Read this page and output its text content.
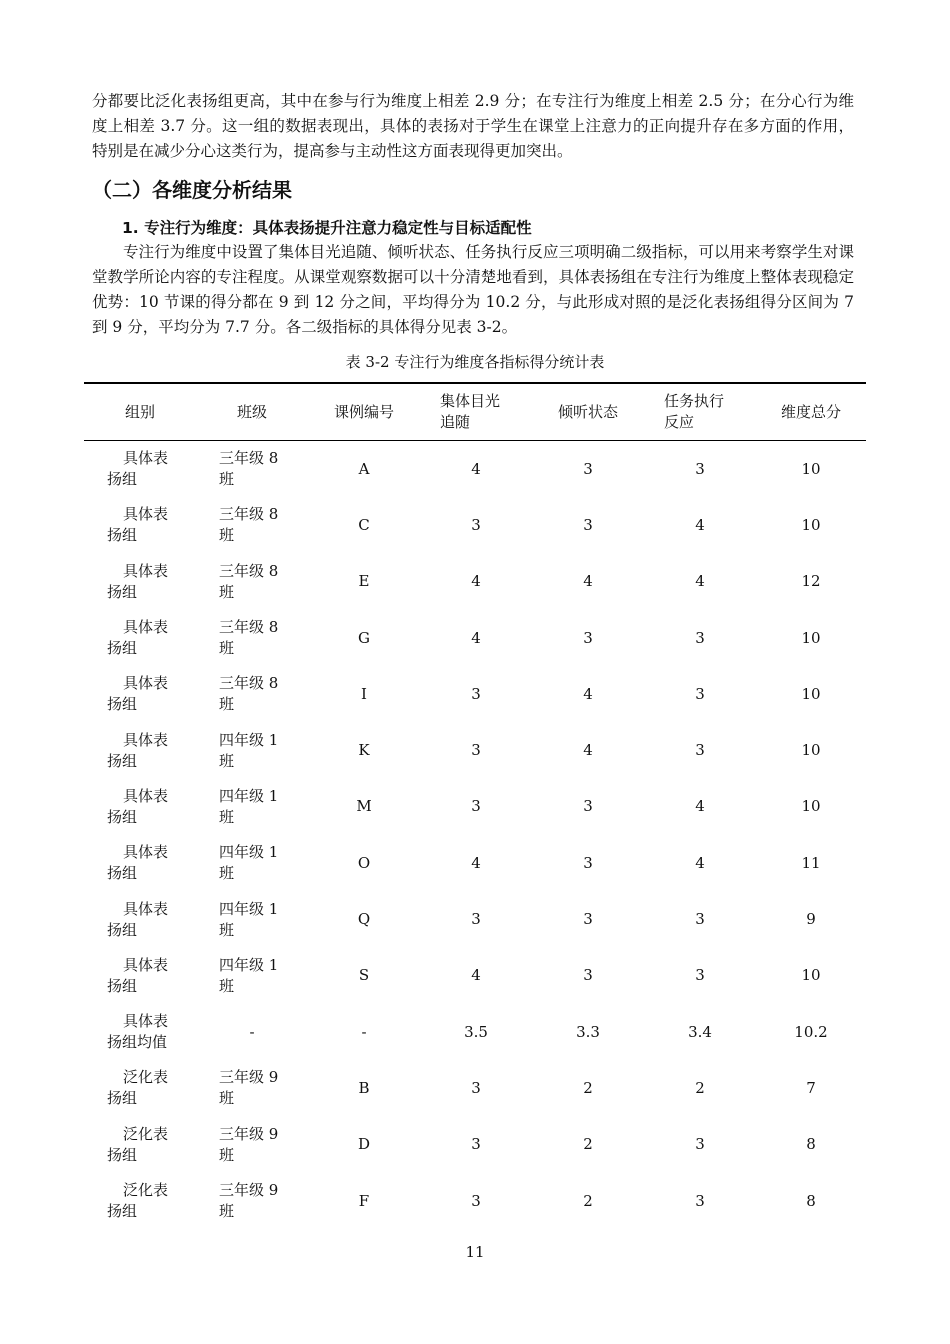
分都要比泛化表扬组更高，其中在参与行为维度上相差 2.9 分；在专注行为维度上相差 2.5 分；在分心行为维度上相差 3.7 分。这一组的数据表现出，具体的表扬对于学生在课堂上注意力的正向提升存在多方面的作用，特别是在减少分心这类行为，提高参与主动性这方面表现得更加突出。

（二）各维度分析结果
1. 专注行为维度：具体表扬提升注意力稳定性与目标适配性

专注行为维度中设置了集体目光追随、倾听状态、任务执行反应三项明确二级指标，可以用来考察学生对课堂教学所论内容的专注程度。从课堂观察数据可以十分清楚地看到，具体表扬组在专注行为维度上整体表现稳定优势：10 节课的得分都在 9 到 12 分之间，平均得分为 10.2 分，与此形成对照的是泛化表扬组得分区间为 7 到 9 分，平均分为 7.7 分。各二级指标的具体得分见表 3-2。

表 3-2 专注行为维度各指标得分统计表

组别	班级	课例编号	集体目光追随	倾听状态	任务执行反应	维度总分
具体表扬组	三年级 8 班	A	4	3	3	10
具体表扬组	三年级 8 班	C	3	3	4	10
具体表扬组	三年级 8 班	E	4	4	4	12
具体表扬组	三年级 8 班	G	4	3	3	10
具体表扬组	三年级 8 班	I	3	4	3	10
具体表扬组	四年级 1 班	K	3	4	3	10
具体表扬组	四年级 1 班	M	3	3	4	10
具体表扬组	四年级 1 班	O	4	3	4	11
具体表扬组	四年级 1 班	Q	3	3	3	9
具体表扬组	四年级 1 班	S	4	3	3	10
具体表扬组均值	-	-	3.5	3.3	3.4	10.2
泛化表扬组	三年级 9 班	B	3	2	2	7
泛化表扬组	三年级 9 班	D	3	2	3	8
泛化表扬组	三年级 9 班	F	3	2	3	8

11
